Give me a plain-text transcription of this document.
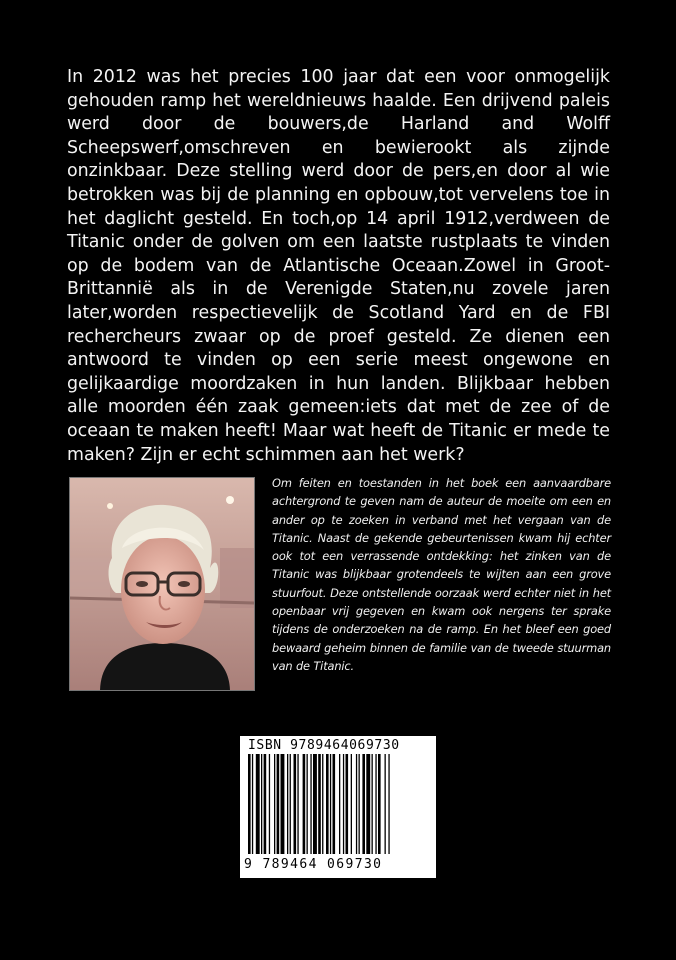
In 2012 was het precies 100 jaar dat een voor onmogelijk gehouden ramp het wereldnieuws haalde. Een drijvend paleis werd door de bouwers,de Harland and Wolff Scheepswerf,omschreven en bewierookt als zijnde onzinkbaar. Deze stelling werd door de pers,en door al wie betrokken was bij de planning en opbouw,tot vervelens toe in het daglicht gesteld. En toch,op 14 april 1912,verdween de Titanic onder de golven om een laatste rustplaats te vinden op de bodem van de Atlantische Oceaan.Zowel in Groot-Brittannië als in de Verenigde Staten,nu zovele jaren later,worden respectievelijk de Scotland Yard en de FBI rechercheurs zwaar op de proef gesteld. Ze dienen een antwoord te vinden op een serie meest ongewone en gelijkaardige moordzaken in hun landen. Blijkbaar hebben alle moorden één zaak gemeen:iets dat met de zee of de oceaan te maken heeft! Maar wat heeft de Titanic er mede te maken? Zijn er echt schimmen aan het werk?

Om feiten en toestanden in het boek een aanvaardbare achtergrond te geven nam de auteur de moeite om een en ander op te zoeken in verband met het vergaan van de Titanic. Naast de gekende gebeurtenissen kwam hij echter ook tot een verrassende ontdekking: het zinken van de Titanic was blijkbaar grotendeels te wijten aan een grove stuurfout. Deze ontstellende oorzaak werd echter niet in het openbaar vrij gegeven en kwam ook nergens ter sprake tijdens de onderzoeken na de ramp. En het bleef een goed bewaard geheim binnen de familie van de tweede stuurman van de Titanic.

ISBN 9789464069730
9 789464 069730
